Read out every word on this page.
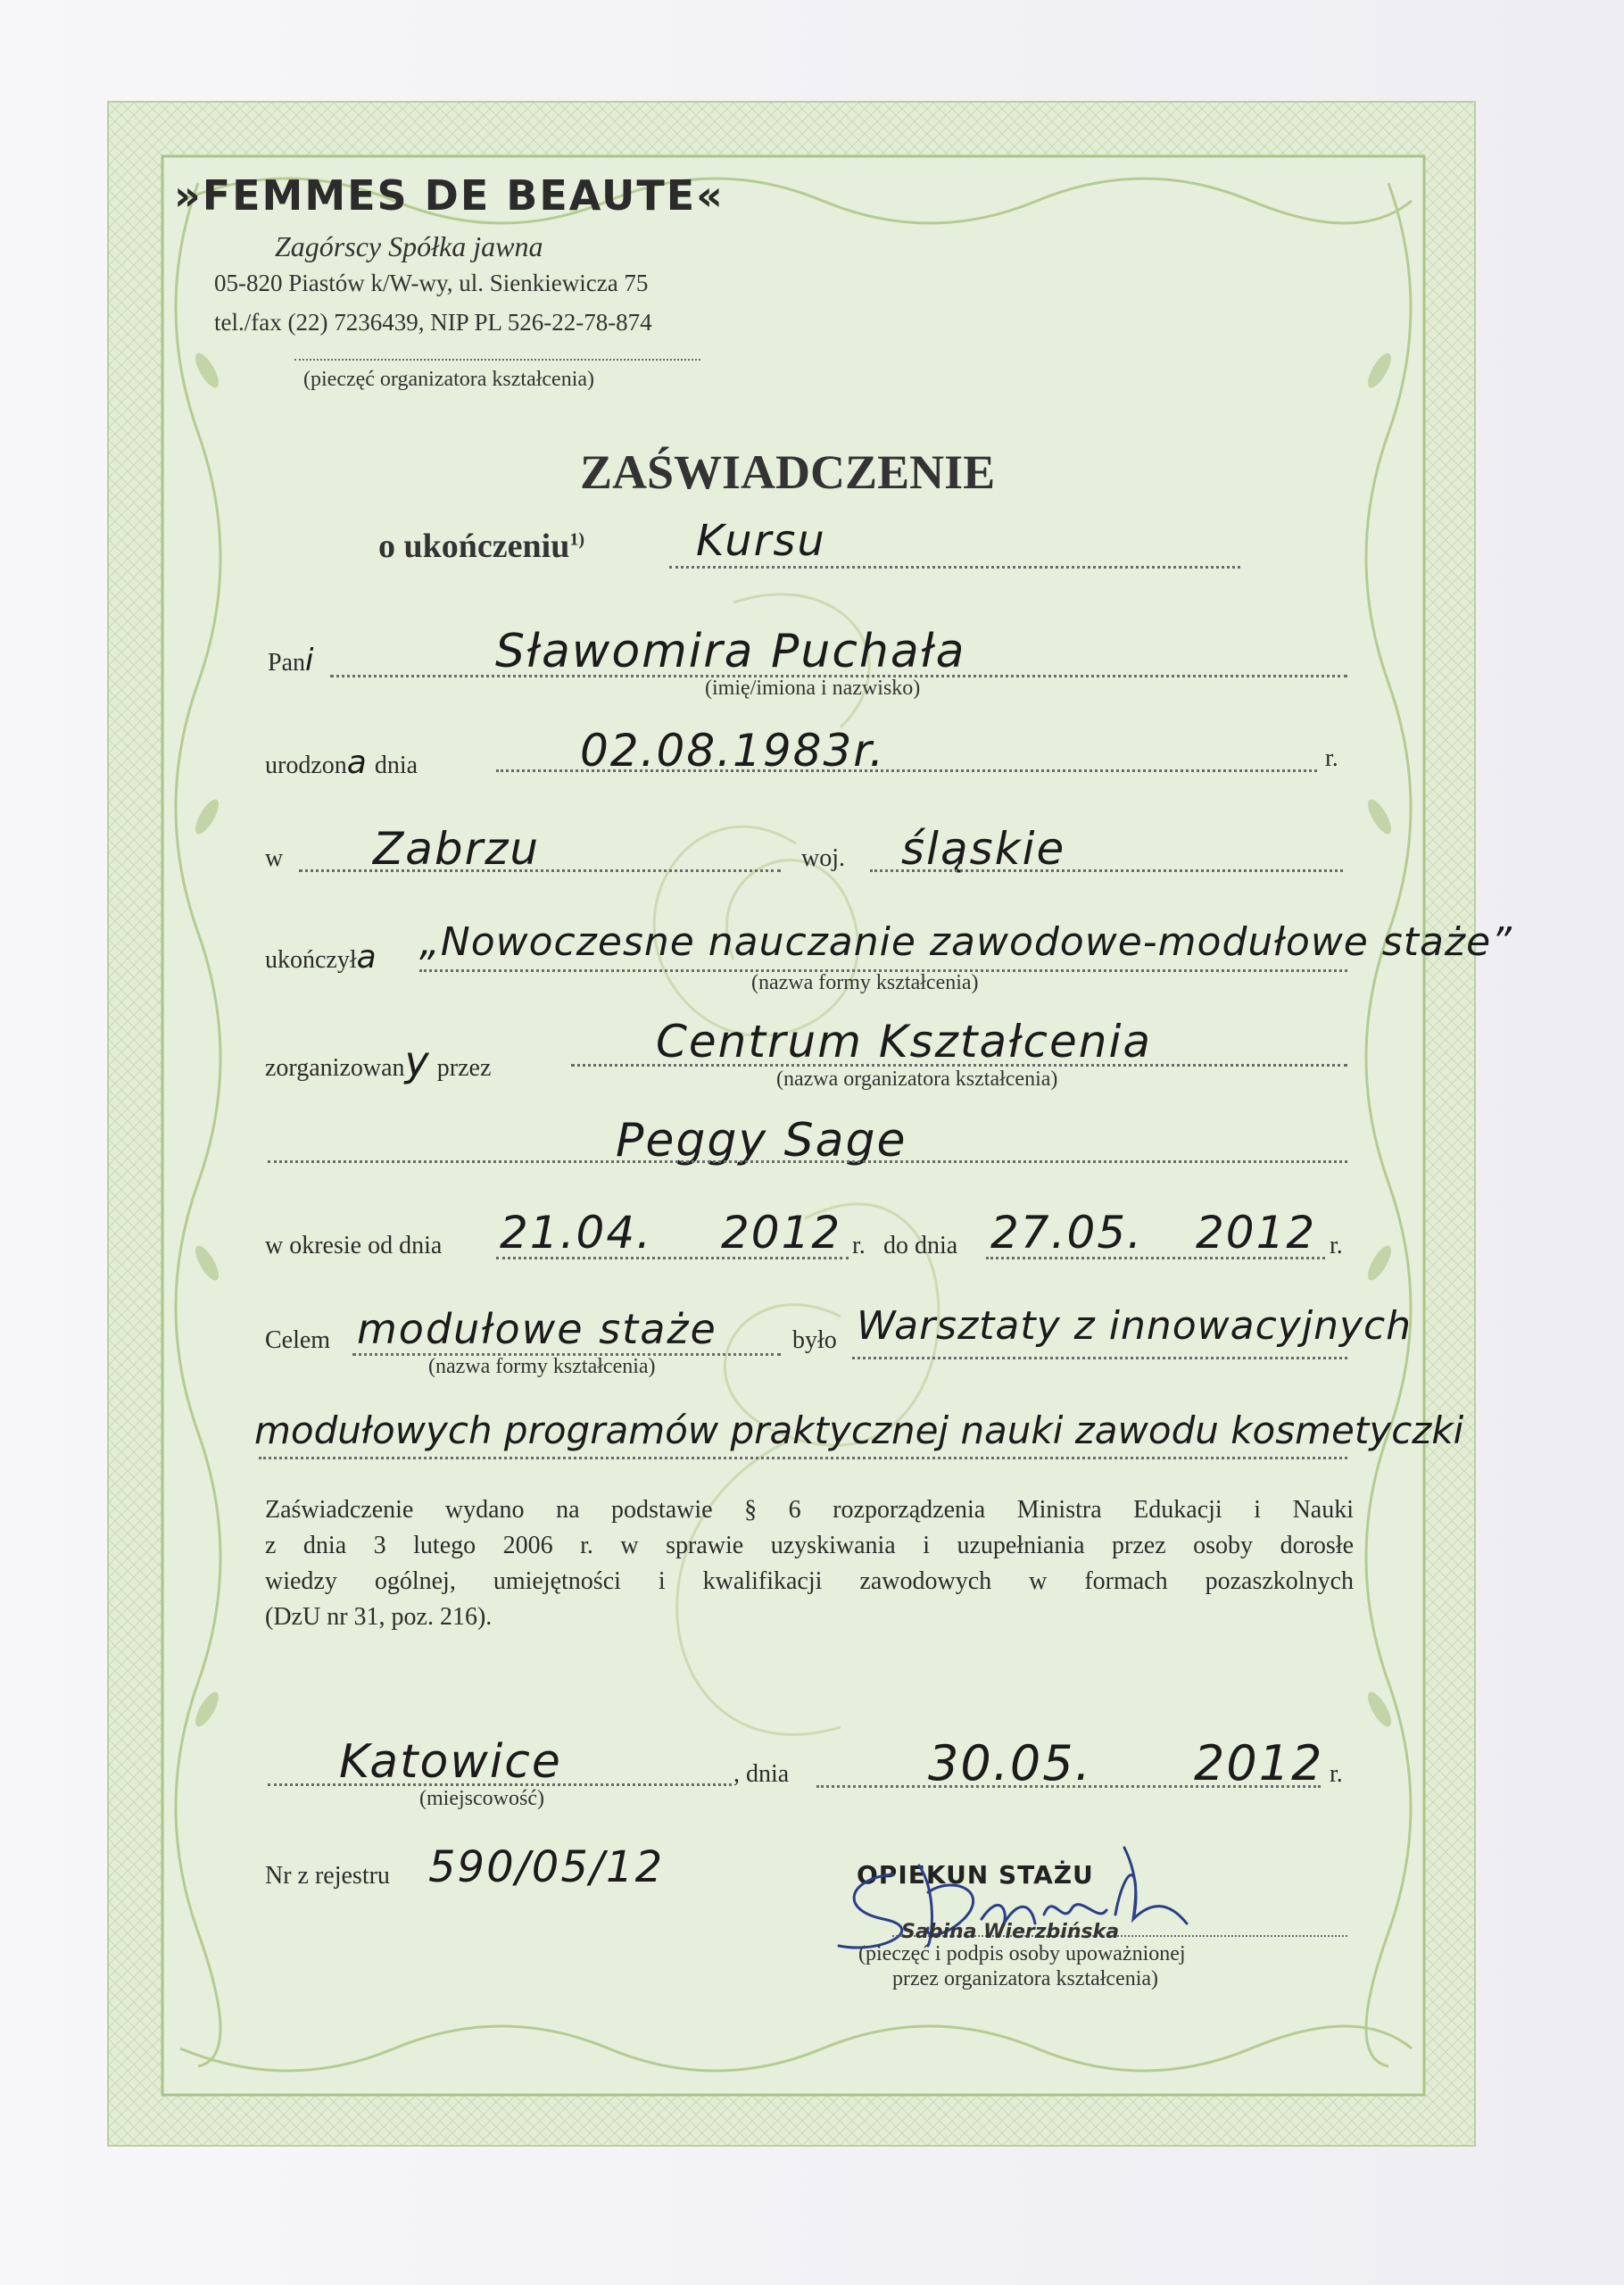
»FEMMES DE BEAUTE«
Zagórscy Spółka jawna
05-820 Piastów k/W-wy, ul. Sienkiewicza 75
tel./fax (22) 7236439, NIP PL 526-22-78-874
(pieczęć organizatora kształcenia)
ZAŚWIADCZENIE
o ukończeniu$^{1)}$	Kursu
Pani	Sławomira Puchała
(imię/imiona i nazwisko)
urodzona dnia	02.08.1983r.	r.
w Zabrzu	woj. śląskie
ukończyła „Nowoczesne nauczanie zawodowe-modułowe staże”
(nazwa formy kształcenia)
zorganizowany przez
Centrum Kształcenia
(nazwa organizatora kształcenia)
Peggy Sage
w okresie od dnia 21.04. 2012 r. do dnia 27.05. 2012 r.
Celem modułowe staże
(nazwa formy kształcenia)
było Warsztaty z innowacyjnych
modułowych programów praktycznej nauki zawodu kosmetyczki
Zaświadczenie wydano na podstawie § 6 rozporządzenia Ministra Edukacji i Nauki
z dnia 3 lutego 2006 r. w sprawie uzyskiwania i uzupełniania przez osoby dorosłe
wiedzy ogólnej, umiejętności i kwalifikacji zawodowych w formach pozaszkolnych
(DzU nr 31, poz. 216).
Katowice
(miejscowość)
, dnia	30.05. 2012 r.
Nr z rejestru 590/05/12	OPIEKUN STAŻU
Sabina Wierzbińska
(pieczęć i podpis osoby upoważnionej
przez organizatora kształcenia)
